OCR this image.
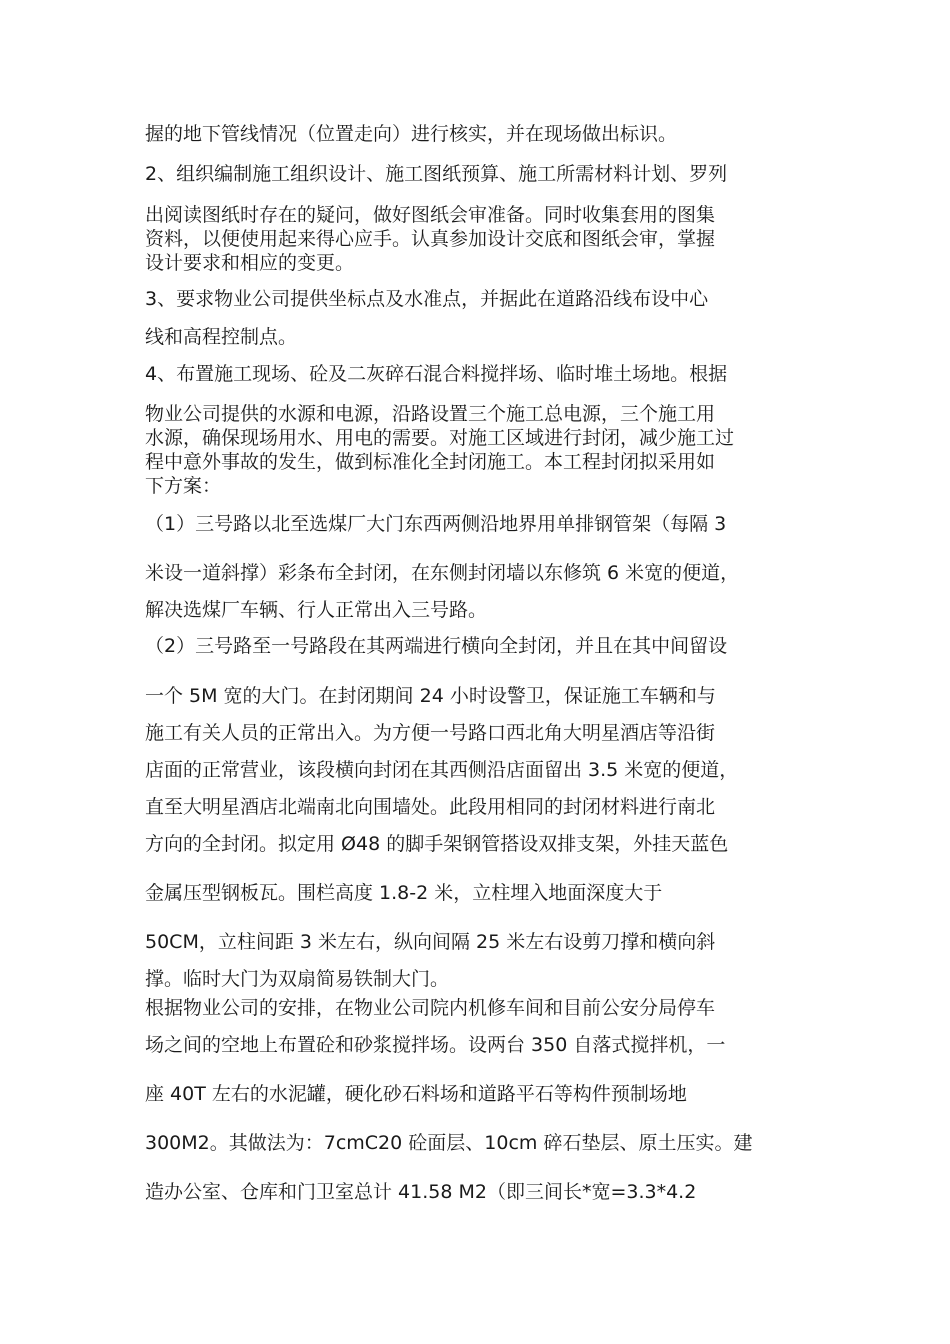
握的地下管线情况（位置走向）进行核实，并在现场做出标识。
2、组织编制施工组织设计、施工图纸预算、施工所需材料计划、罗列
出阅读图纸时存在的疑问，做好图纸会审准备。同时收集套用的图集
资料，以便使用起来得心应手。认真参加设计交底和图纸会审，掌握
设计要求和相应的变更。
3、要求物业公司提供坐标点及水准点，并据此在道路沿线布设中心
线和高程控制点。
4、布置施工现场、砼及二灰碎石混合料搅拌场、临时堆土场地。根据
物业公司提供的水源和电源，沿路设置三个施工总电源，三个施工用
水源，确保现场用水、用电的需要。对施工区域进行封闭，减少施工过
程中意外事故的发生，做到标准化全封闭施工。本工程封闭拟采用如
下方案：
（1）三号路以北至选煤厂大门东西两侧沿地界用单排钢管架（每隔 3
米设一道斜撑）彩条布全封闭，在东侧封闭墙以东修筑 6 米宽的便道，
解决选煤厂车辆、行人正常出入三号路。
（2）三号路至一号路段在其两端进行横向全封闭，并且在其中间留设
一个 5M 宽的大门。在封闭期间 24 小时设警卫，保证施工车辆和与
施工有关人员的正常出入。为方便一号路口西北角大明星酒店等沿街
店面的正常营业，该段横向封闭在其西侧沿店面留出 3.5 米宽的便道，
直至大明星酒店北端南北向围墙处。此段用相同的封闭材料进行南北
方向的全封闭。拟定用 Ø48 的脚手架钢管搭设双排支架，外挂天蓝色
金属压型钢板瓦。围栏高度 1.8-2 米，立柱埋入地面深度大于
50CM，立柱间距 3 米左右，纵向间隔 25 米左右设剪刀撑和横向斜
撑。临时大门为双扇简易铁制大门。
根据物业公司的安排，在物业公司院内机修车间和目前公安分局停车
场之间的空地上布置砼和砂浆搅拌场。设两台 350 自落式搅拌机，一
座 40T 左右的水泥罐，硬化砂石料场和道路平石等构件预制场地
300M2。其做法为：7cmC20 砼面层、10cm 碎石垫层、原土压实。建
造办公室、仓库和门卫室总计 41.58 M2（即三间长*宽=3.3*4.2
